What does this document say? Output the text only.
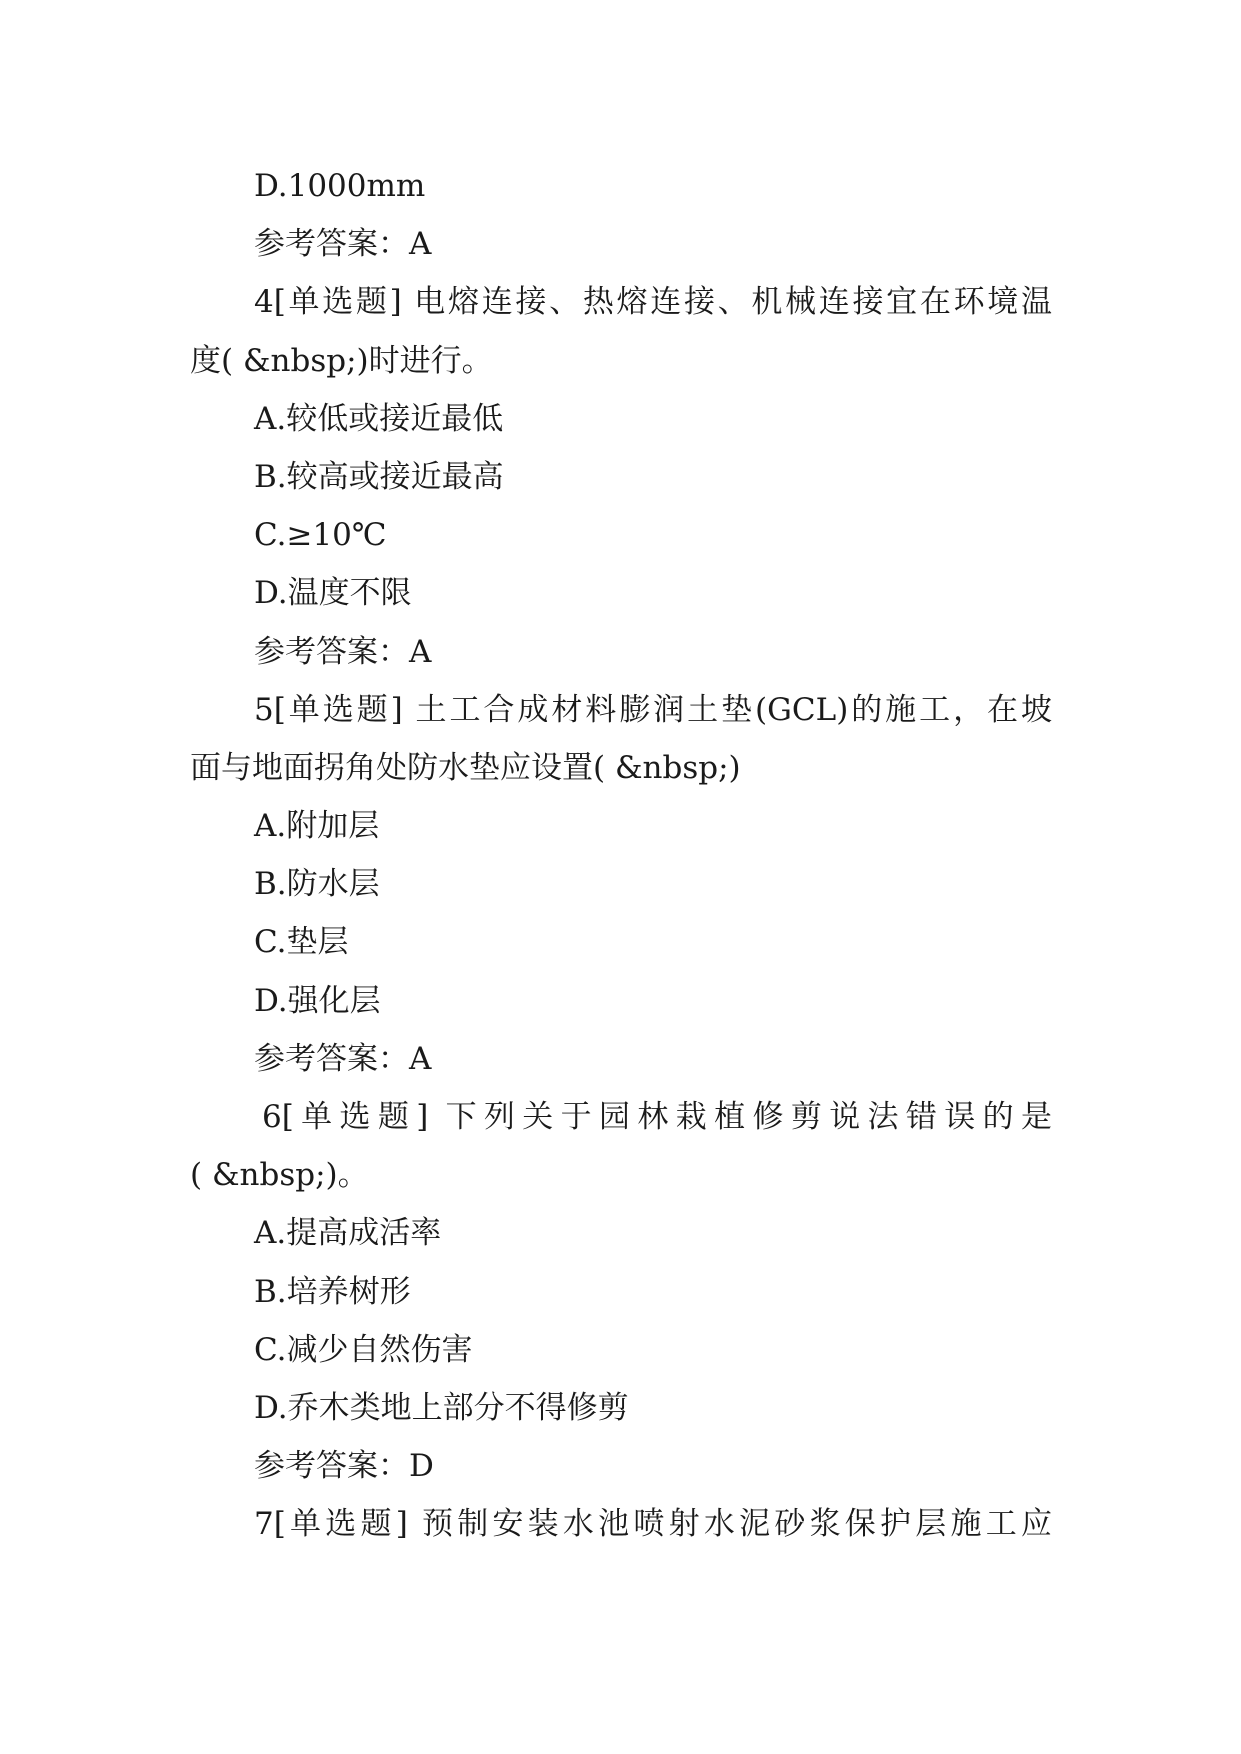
D.1000mm
参考答案：A
4[单选题] 电熔连接、热熔连接、机械连接宜在环境温
度( &nbsp;)时进行。
A.较低或接近最低
B.较高或接近最高
C.≥10℃
D.温度不限
参考答案：A
5[单选题] 土工合成材料膨润土垫(GCL)的施工，在坡
面与地面拐角处防水垫应设置( &nbsp;)
A.附加层
B.防水层
C.垫层
D.强化层
参考答案：A
6[单选题] 下列关于园林栽植修剪说法错误的是
( &nbsp;)。
A.提高成活率
B.培养树形
C.减少自然伤害
D.乔木类地上部分不得修剪
参考答案：D
7[单选题] 预制安装水池喷射水泥砂浆保护层施工应
